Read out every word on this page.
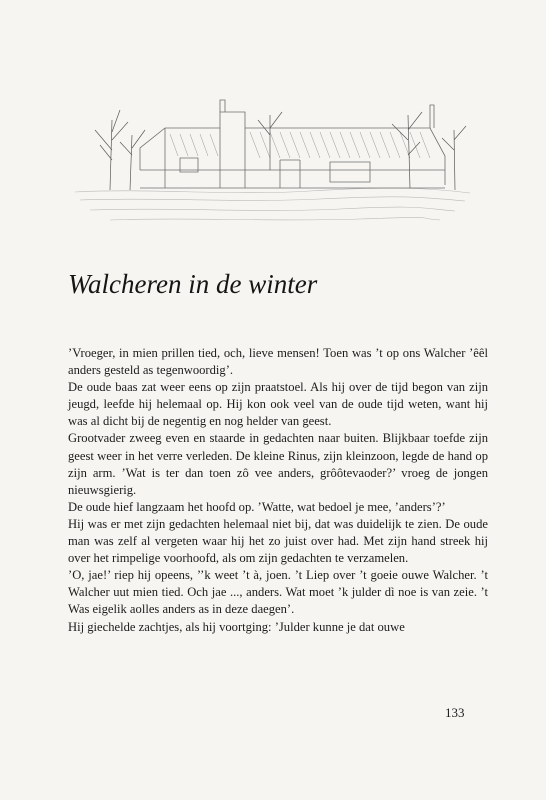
Walcheren in de winter

’Vroeger, in mien prillen tied, och, lieve mensen! Toen was ’t op ons Walcher ’êêl anders gesteld as tegenwoordig’.

De oude baas zat weer eens op zijn praatstoel. Als hij over de tijd begon van zijn jeugd, leefde hij helemaal op. Hij kon ook veel van de oude tijd weten, want hij was al dicht bij de negentig en nog helder van geest.

Grootvader zweeg even en staarde in gedachten naar buiten. Blijkbaar toefde zijn geest weer in het verre verleden. De kleine Rinus, zijn kleinzoon, legde de hand op zijn arm. ’Wat is ter dan toen zô vee anders, grôôtevaoder?’ vroeg de jongen nieuwsgierig.

De oude hief langzaam het hoofd op. ’Watte, wat bedoel je mee, ’anders’?’

Hij was er met zijn gedachten helemaal niet bij, dat was duidelijk te zien. De oude man was zelf al vergeten waar hij het zo juist over had. Met zijn hand streek hij over het rimpelige voorhoofd, als om zijn gedachten te verzamelen.

’O, jae!’ riep hij opeens, ’’k weet ’t à, joen. ’t Liep over ’t goeie ouwe Walcher. ’t Walcher uut mien tied. Och jae ..., anders. Wat moet ’k julder dì noe is van zeie. ’t Was eigelik aolles anders as in deze daegen’.

Hij giechelde zachtjes, als hij voortging: ’Julder kunne je dat ouwe

133
